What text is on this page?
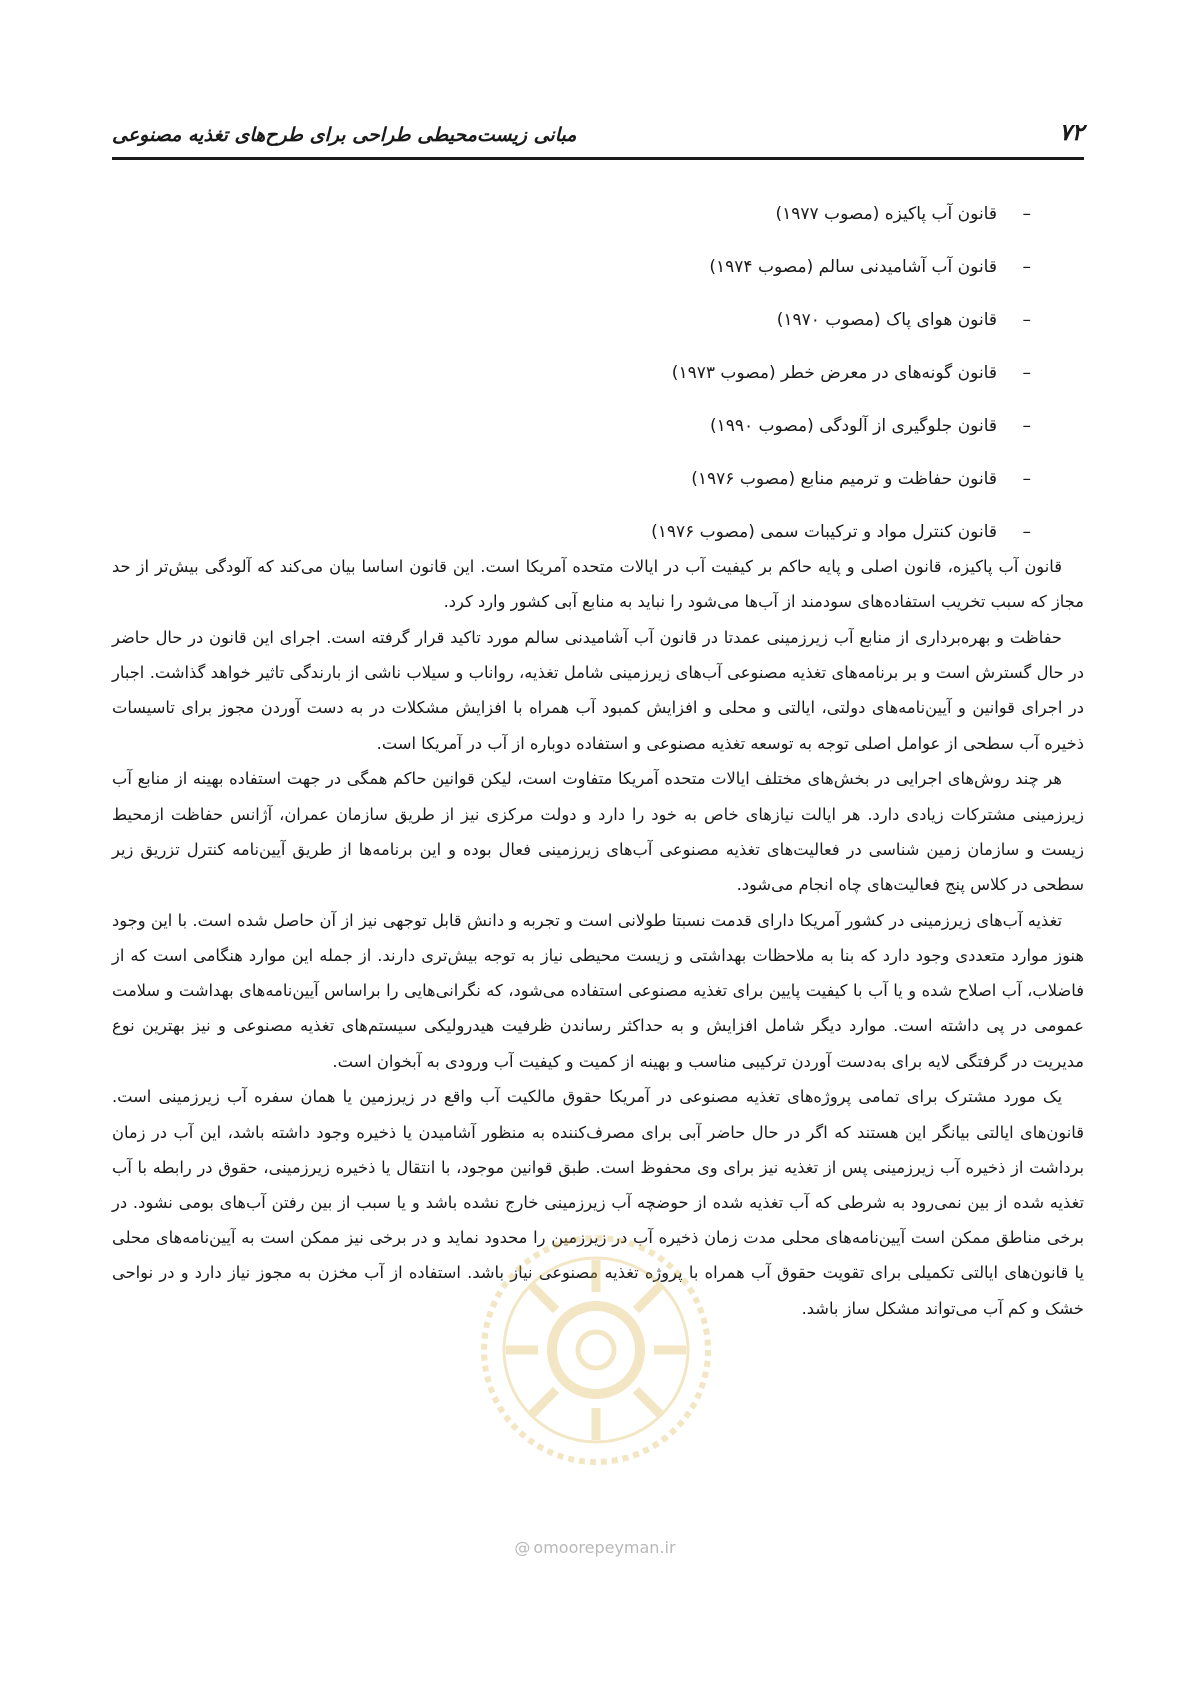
مبانی زیست‌محیطی طراحی برای طرح‌های تغذیه مصنوعی	۷۲
–قانون آب پاکیزه (مصوب ۱۹۷۷)
–قانون آب آشامیدنی سالم (مصوب ۱۹۷۴)
–قانون هوای پاک (مصوب ۱۹۷۰)
–قانون گونه‌های در معرض خطر (مصوب ۱۹۷۳)
–قانون جلوگیری از آلودگی (مصوب ۱۹۹۰)
–قانون حفاظت و ترمیم منابع (مصوب ۱۹۷۶)
–قانون کنترل مواد و ترکیبات سمی (مصوب ۱۹۷۶)

قانون آب پاکیزه، قانون اصلی و پایه حاکم بر کیفیت آب در ایالات متحده آمریکا است. این قانون اساسا بیان می‌کند که آلودگی بیش‌تر از حد مجاز که سبب تخریب استفاده‌های سودمند از آب‌ها می‌شود را نباید به منابع آبی کشور وارد کرد.

حفاظت و بهره‌برداری از منابع آب زیرزمینی عمدتا در قانون آب آشامیدنی سالم مورد تاکید قرار گرفته است. اجرای این قانون در حال حاضر در حال گسترش است و بر برنامه‌های تغذیه مصنوعی آب‌های زیرزمینی شامل تغذیه، رواناب و سیلاب ناشی از بارندگی تاثیر خواهد گذاشت. اجبار در اجرای قوانین و آیین‌نامه‌های دولتی، ایالتی و محلی و افزایش کمبود آب همراه با افزایش مشکلات در به دست آوردن مجوز برای تاسیسات ذخیره آب سطحی از عوامل اصلی توجه به توسعه تغذیه مصنوعی و استفاده دوباره از آب در آمریکا است.

هر چند روش‌های اجرایی در بخش‌های مختلف ایالات متحده آمریکا متفاوت است، لیکن قوانین حاکم همگی در جهت استفاده بهینه از منابع آب زیرزمینی مشترکات زیادی دارد. هر ایالت نیازهای خاص به خود را دارد و دولت مرکزی نیز از طریق سازمان عمران، آژانس حفاظت ازمحیط زیست و سازمان زمین شناسی در فعالیت‌های تغذیه مصنوعی آب‌های زیرزمینی فعال بوده و این برنامه‌ها از طریق آیین‌نامه کنترل تزریق زیر سطحی در کلاس پنج فعالیت‌های چاه انجام می‌شود.

تغذیه آب‌های زیرزمینی در کشور آمریکا دارای قدمت نسبتا طولانی است و تجربه و دانش قابل توجهی نیز از آن حاصل شده است. با این وجود هنوز موارد متعددی وجود دارد که بنا به ملاحظات بهداشتی و زیست محیطی نیاز به توجه بیش‌تری دارند. از جمله این موارد هنگامی است که از فاضلاب، آب اصلاح شده و یا آب با کیفیت پایین برای تغذیه مصنوعی استفاده می‌شود، که نگرانی‌هایی را براساس آیین‌نامه‌های بهداشت و سلامت عمومی در پی داشته است. موارد دیگر شامل افزایش و به حداکثر رساندن ظرفیت هیدرولیکی سیستم‌های تغذیه مصنوعی و نیز بهترین نوع مدیریت در گرفتگی لایه برای به‌دست آوردن ترکیبی مناسب و بهینه از کمیت و کیفیت آب ورودی به آبخوان است.

یک مورد مشترک برای تمامی پروژه‌های تغذیه مصنوعی در آمریکا حقوق مالکیت آب واقع در زیرزمین یا همان سفره آب زیرزمینی است. قانون‌های ایالتی بیانگر این هستند که اگر در حال حاضر آبی برای مصرف‌کننده به منظور آشامیدن یا ذخیره وجود داشته باشد، این آب در زمان برداشت از ذخیره آب زیرزمینی پس از تغذیه نیز برای وی محفوظ است. طبق قوانین موجود، با انتقال یا ذخیره زیرزمینی، حقوق در رابطه با آب تغذیه شده از بین نمی‌رود به شرطی که آب تغذیه شده از حوضچه آب زیرزمینی خارج نشده باشد و یا سبب از بین رفتن آب‌های بومی نشود. در برخی مناطق ممکن است آیین‌نامه‌های محلی مدت زمان ذخیره آب در زیرزمین را محدود نماید و در برخی نیز ممکن است به آیین‌نامه‌های محلی یا قانون‌های ایالتی تکمیلی برای تقویت حقوق آب همراه با پروژه تغذیه مصنوعی نیاز باشد. استفاده از آب مخزن به مجوز نیاز دارد و در نواحی خشک و کم آب می‌تواند مشکل ساز باشد.

@ omoorepeyman.ir
